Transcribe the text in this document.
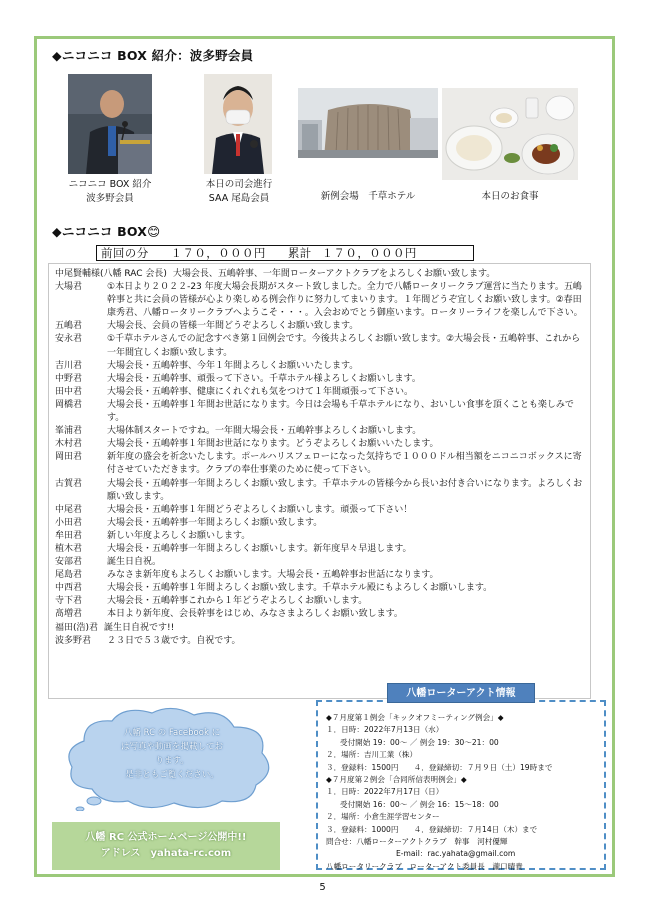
◆ニコニコ BOX 紹介：波多野会員
ニコニコ BOX 紹介
波多野会員
本日の司会進行
SAA 尾島会員	新例会場　千草ホテル	本日のお食事
◆ニコニコ BOX😊
前回の分 １７０，０００円 累計 １７０，０００円
中尾賢輔様(八幡 RAC 会長) 大場会長、五嶋幹事、一年間ローターアクトクラブをよろしくお願い致します。
大場君	①本日より２０２２-23 年度大場会長期がスタート致しました。全力で八幡ロータリークラブ運営に当たります。五嶋幹事と共に会員の皆様が心より楽しめる例会作りに努力してまいります。１年間どうぞ宜しくお願い致します。②春田康秀君、八幡ロータリークラブへようこそ・・・。入会おめでとう御座います。ロータリーライフを楽しんで下さい。
五嶋君	大場会長、会員の皆様一年間どうぞよろしくお願い致します。
安永君	①千草ホテルさんでの記念すべき第１回例会です。今後共よろしくお願い致します。②大場会長・五嶋幹事、これから一年間宜しくお願い致します。
吉川君	大場会長・五嶋幹事、今年１年間よろしくお願いいたします。
中野君	大場会長・五嶋幹事、頑張って下さい。千草ホテル様よろしくお願いします。
田中君	大場会長・五嶋幹事、健康にくれぐれも気をつけて１年間頑張って下さい。
岡橋君	大場会長・五嶋幹事１年間お世話になります。今日は会場も千草ホテルになり、おいしい食事を頂くことも楽しみです。
峯浦君	大場体制スタートですね。一年間大場会長・五嶋幹事よろしくお願いします。
木村君	大場会長・五嶋幹事１年間お世話になります。どうぞよろしくお願いいたします。
岡田君	新年度の盛会を祈念いたします。ポールハリスフェローになった気持ちで１０００ドル相当額をニコニコボックスに寄付させていただきます。クラブの奉仕事業のために使って下さい。
古賀君	大場会長・五嶋幹事一年間よろしくお願い致します。千草ホテルの皆様今から長いお付き合いになります。よろしくお願い致します。
中尾君	大場会長・五嶋幹事１年間どうぞよろしくお願いします。頑張って下さい！
小田君	大場会長・五嶋幹事一年間よろしくお願い致します。
牟田君	新しい年度よろしくお願いします。
植木君	大場会長・五嶋幹事一年間よろしくお願いします。新年度早々早退します。
安部君	誕生日自祝。
尾島君	みなさま新年度もよろしくお願いします。大場会長・五嶋幹事お世話になります。
中西君	大場会長・五嶋幹事１年間よろしくお願い致します。千草ホテル殿にもよろしくお願いします。
寺下君	大場会長・五嶋幹事これから１年どうぞよろしくお願いします。
髙増君	本日より新年度、会長幹事をはじめ、みなさまよろしくお願い致します。
福田(浩)君 誕生日自祝です!!
波多野君	２３日で５３歳です。自祝です。
八幡 RC の Facebook に
は写真や動画を掲載してお
ります。
是非ともご覧ください。
八幡 RC 公式ホームページ公開中!!
アドレス　yahata-rc.com
◆７月度第１例会「キックオフミーティング例会」◆
１．日時：2022年7月13日（水）
受付開始 19：00〜 ／ 例会 19：30〜21：00
２．場所：吉川工業（株）
３．登録料：1500円　　４．登録締切：７月９日（土）19時まで
◆７月度第２例会「合同所信表明例会」◆
１．日時：2022年7月17日（日）
受付開始 16：00〜 ／ 例会 16：15〜18：00
２．場所：小倉生涯学習センター
３．登録料：1000円　　４．登録締切：７月14日（木）まで
問合せ：八幡ローターアクトクラブ　幹事　河村優輝
E-mail：rac.yahata@gmail.com
八幡ロータリークラブ　ローターアクト委員長　瀧口晴貴
八幡ローターアクト情報
5
